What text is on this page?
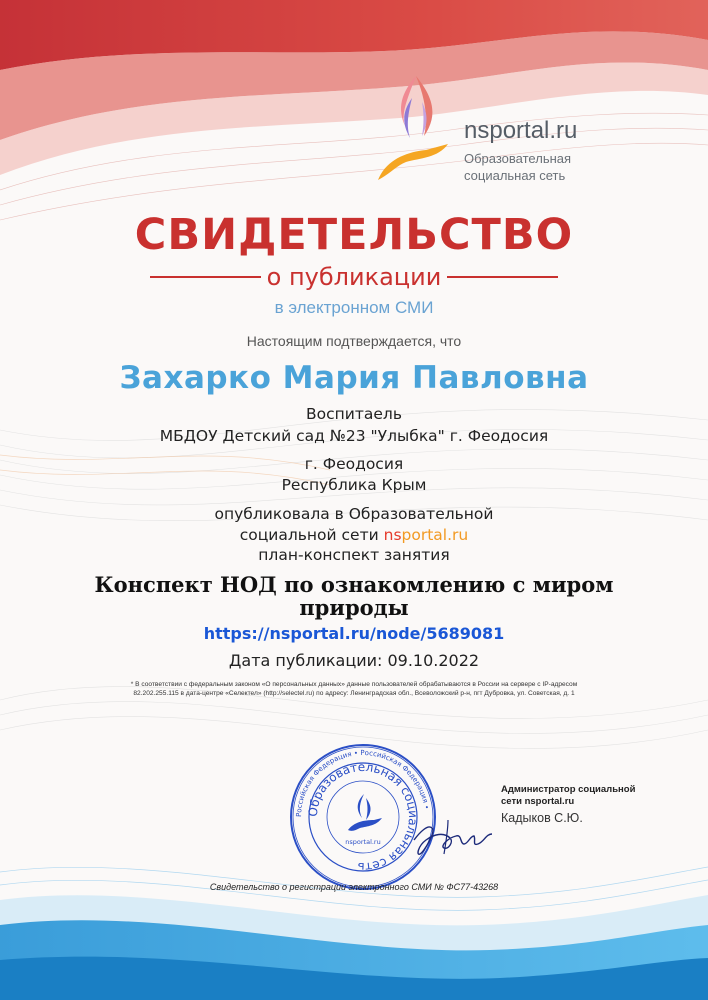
nsportal.ru
Образовательная
социальная сеть
СВИДЕТЕЛЬСТВО
о публикации
в электронном СМИ
Настоящим подтверждается, что
Захарко Мария Павловна
Воспитаель
МБДОУ Детский сад №23 "Улыбка" г. Феодосия
г. Феодосия
Республика Крым
опубликовала в Образовательной
социальной сети nsportal.ru
план-конспект занятия
Конспект НОД по ознакомлению с миром природы
https://nsportal.ru/node/5689081
Дата публикации: 09.10.2022
* В соответствии с федеральным законом «О персональных данных» данные пользователей обрабатываются в России на сервере с IP-адресом
82.202.255.115 в дата-центре «Селектел» (http://selectel.ru) по адресу: Ленинградская обл., Всеволожский р-н, пгт Дубровка, ул. Советская, д. 1
Российская Федерация • Российская Федерация •
Образовательная социальная сеть
nsportal.ru
Администратор социальной
сети nsportal.ru
Кадыков С.Ю.
Свидетельство о регистрации электронного СМИ № ФС77-43268
